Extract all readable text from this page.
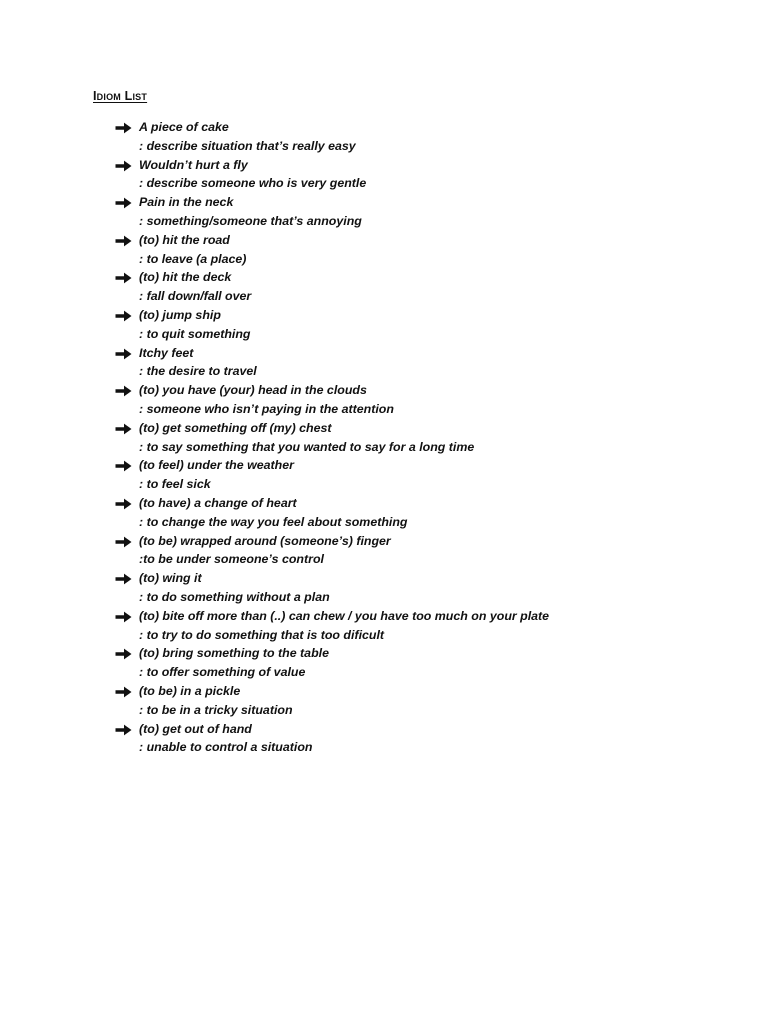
Idiom List
A piece of cake
: describe situation that’s really easy
Wouldn’t hurt a fly
: describe someone who is very gentle
Pain in the neck
: something/someone that’s annoying
(to) hit the road
: to leave (a place)
(to) hit the deck
: fall down/fall over
(to) jump ship
: to quit something
Itchy feet
: the desire to travel
(to) you have (your) head in the clouds
: someone who isn’t paying in the attention
(to) get something off (my) chest
: to say something that you wanted to say for a long time
(to feel) under the weather
: to feel sick
(to have) a change of heart
: to change the way you feel about something
(to be) wrapped around (someone’s) finger
:to be under someone’s control
(to) wing it
: to do something without a plan
(to) bite off more than (..) can chew / you have too much on your plate
: to try to do something that is too dificult
(to) bring something to the table
: to offer something of value
(to be) in a pickle
: to be in a tricky situation
(to) get out of hand
: unable to control a situation
